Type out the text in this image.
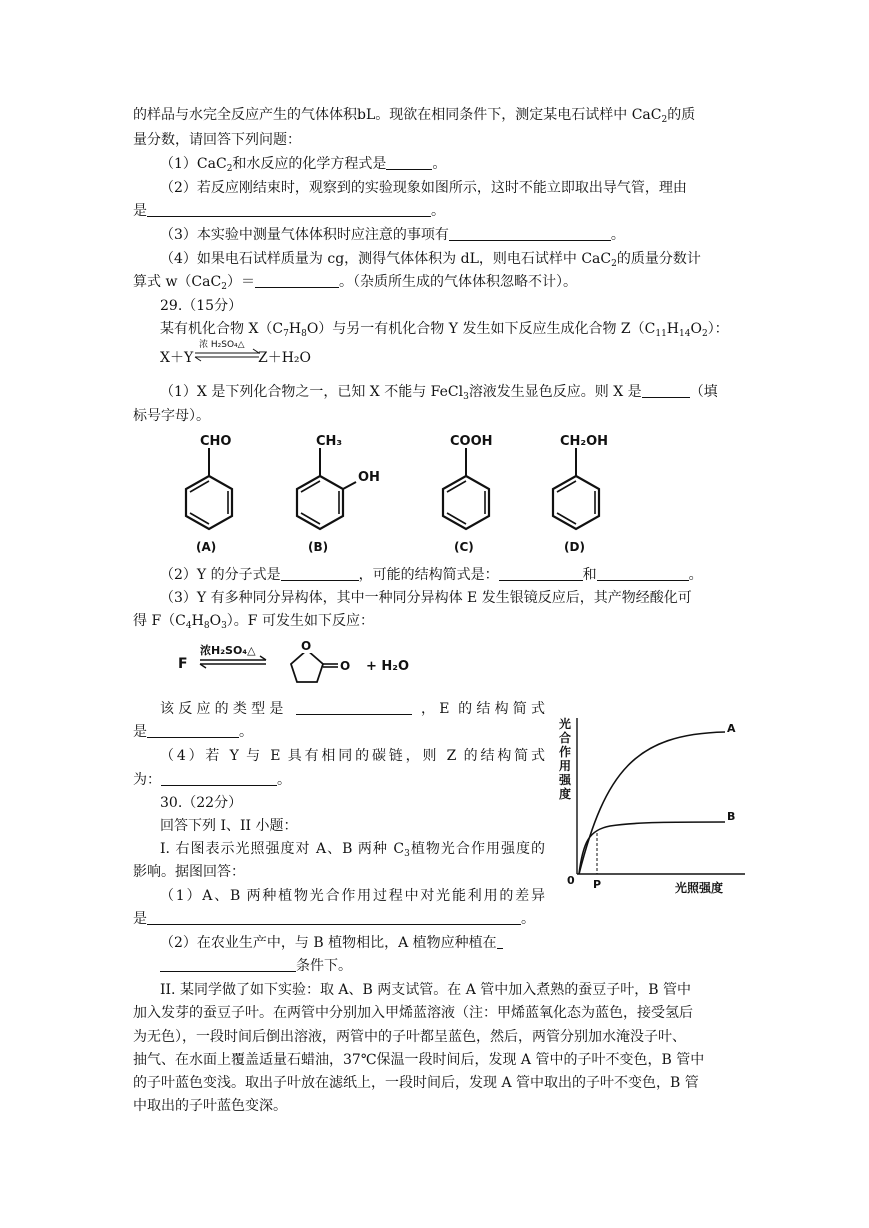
的样品与水完全反应产生的气体体积bL。现欲在相同条件下，测定某电石试样中 CaC$_2$的质
量分数，请回答下列问题：
（1）CaC$_2$和水反应的化学方程式是	。
（2）若反应刚结束时，观察到的实验现象如图所示，这时不能立即取出导气管，理由
是	。
（3）本实验中测量气体体积时应注意的事项有	。
（4）如果电石试样质量为 cg，测得气体体积为 dL，则电石试样中 CaC$_2$的质量分数计
算式 w（CaC$_2$）＝	。（杂质所生成的气体体积忽略不计）。
29.（15分）
某有机化合物 $X(C_7H_8O)$与另一有机化合物 Y 发生如下反应生成化合物 $Z(C_{11}H_{14}O_2)$：
X＋Y
浓 H₂SO₄△
Z＋H₂O
（1）X 是下列化合物之一，已知 X 不能与 FeCl$_3$溶液发生显色反应。则 X 是	（填
标号字母）。
CHO
(A)
CH₃
OH
(B)
COOH
(C)
CH₂OH
(D)
（2）Y 的分子式是	，可能的结构简式是：	和	。
（3）Y 有多种同分异构体，其中一种同分异构体 E 发生银镜反应后，其产物经酸化可
得 $F(C_4H_8O_3)$。F 可发生如下反应：
F
浓H₂SO₄△	O
O + H₂O
该反应的类型是	，E 的结构简式
是	。
（4）若 Y 与 E 具有相同的碳链，则 Z 的结构简式
为：	。
30.（22分）
回答下列 I、II 小题：
I. 右图表示光照强度对 A、B 两种 $C_3$植物光合作用强度的
影响。据图回答：
（1）A、B 两种植物光合作用过程中对光能利用的差异
是	。
（2）在农业生产中，与 B 植物相比，A 植物应种植在
条件下。
II. 某同学做了如下实验：取 A、B 两支试管。在 A 管中加入煮熟的蚕豆子叶，B 管中
加入发芽的蚕豆子叶。在两管中分别加入甲烯蓝溶液（注：甲烯蓝氧化态为蓝色，接受氢后
为无色），一段时间后倒出溶液，两管中的子叶都呈蓝色，然后，两管分别加水淹没子叶、
抽气、在水面上覆盖适量石蜡油，37℃保温一段时间后，发现 A 管中的子叶不变色，B 管中
的子叶蓝色变浅。取出子叶放在滤纸上，一段时间后，发现 A 管中取出的子叶不变色，B 管
中取出的子叶蓝色变深。
光
合
作
用
强
度
A
B
0 P	光照强度
